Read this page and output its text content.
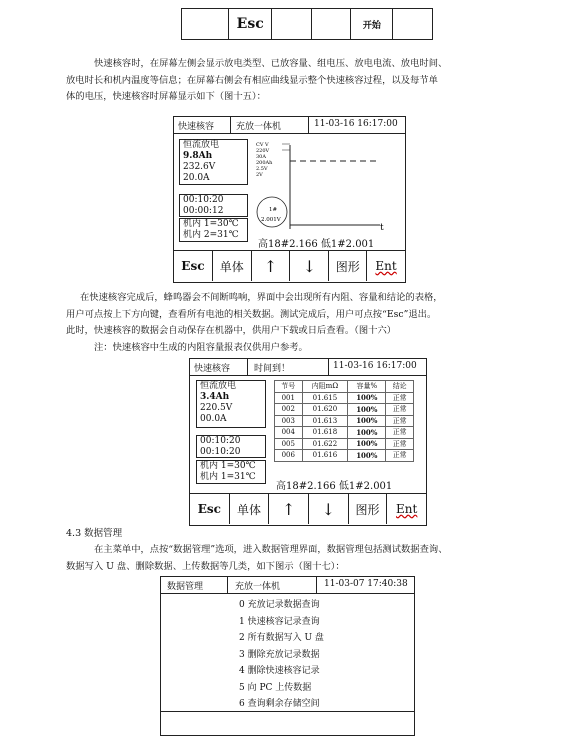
	Esc			开始	
快速核容时，在屏幕左侧会显示放电类型、已放容量、组电压、放电电流、放电时间、
放电时长和机内温度等信息；在屏幕右侧会有相应曲线显示整个快速核容过程，以及每节单
体的电压，快速核容时屏幕显示如下（图十五）：
快速核容 充放一体机	11-03-16 16:17:00
恒流放电
9.8Ah
232.6V
20.0A
00:10:20
00:00:12
机内 1=30℃
机内 2=31℃
1#
2.001V
t
CV V
220V
30A
200Ah
2.5V
2V
高18#2.166 低1#2.001
Esc	单体	↑	↓	图形	Ent
在快速核容完成后，蜂鸣器会不间断鸣响，界面中会出现所有内阻、容量和结论的表格，
用户可点按上下方向键，查看所有电池的相关数据。测试完成后，用户可点按“Esc”退出。
此时，快速核容的数据会自动保存在机器中，供用户下载或日后查看。（图十六）
注：快速核容中生成的内阻容量报表仅供用户参考。
快速核容	时间到！	11-03-16 16:17:00
恒流放电
3.4Ah
220.5V
00.0A
00:10:20
00:10:20
机内 1=30℃
机内 1=31℃
节号	内阻mΩ	容量%	结论
001	01.615	100%	正常
002	01.620	100%	正常
003	01.613	100%	正常
004	01.618	100%	正常
005	01.622	100%	正常
006	01.616	100%	正常
高18#2.166 低1#2.001
Esc	单体	↑	↓	图形	Ent
4.3 数据管理
在主菜单中，点按“数据管理”选项，进入数据管理界面，数据管理包括测试数据查询、
数据写入 U 盘、删除数据、上传数据等几类，如下图示（图十七）：
数据管理	充放一体机	11-03-07 17:40:38
0 充放记录数据查询
1 快速核容记录查询
2 所有数据写入 U 盘
3 删除充放记录数据
4 删除快速核容记录
5 向 PC 上传数据
6 查询剩余存储空间
